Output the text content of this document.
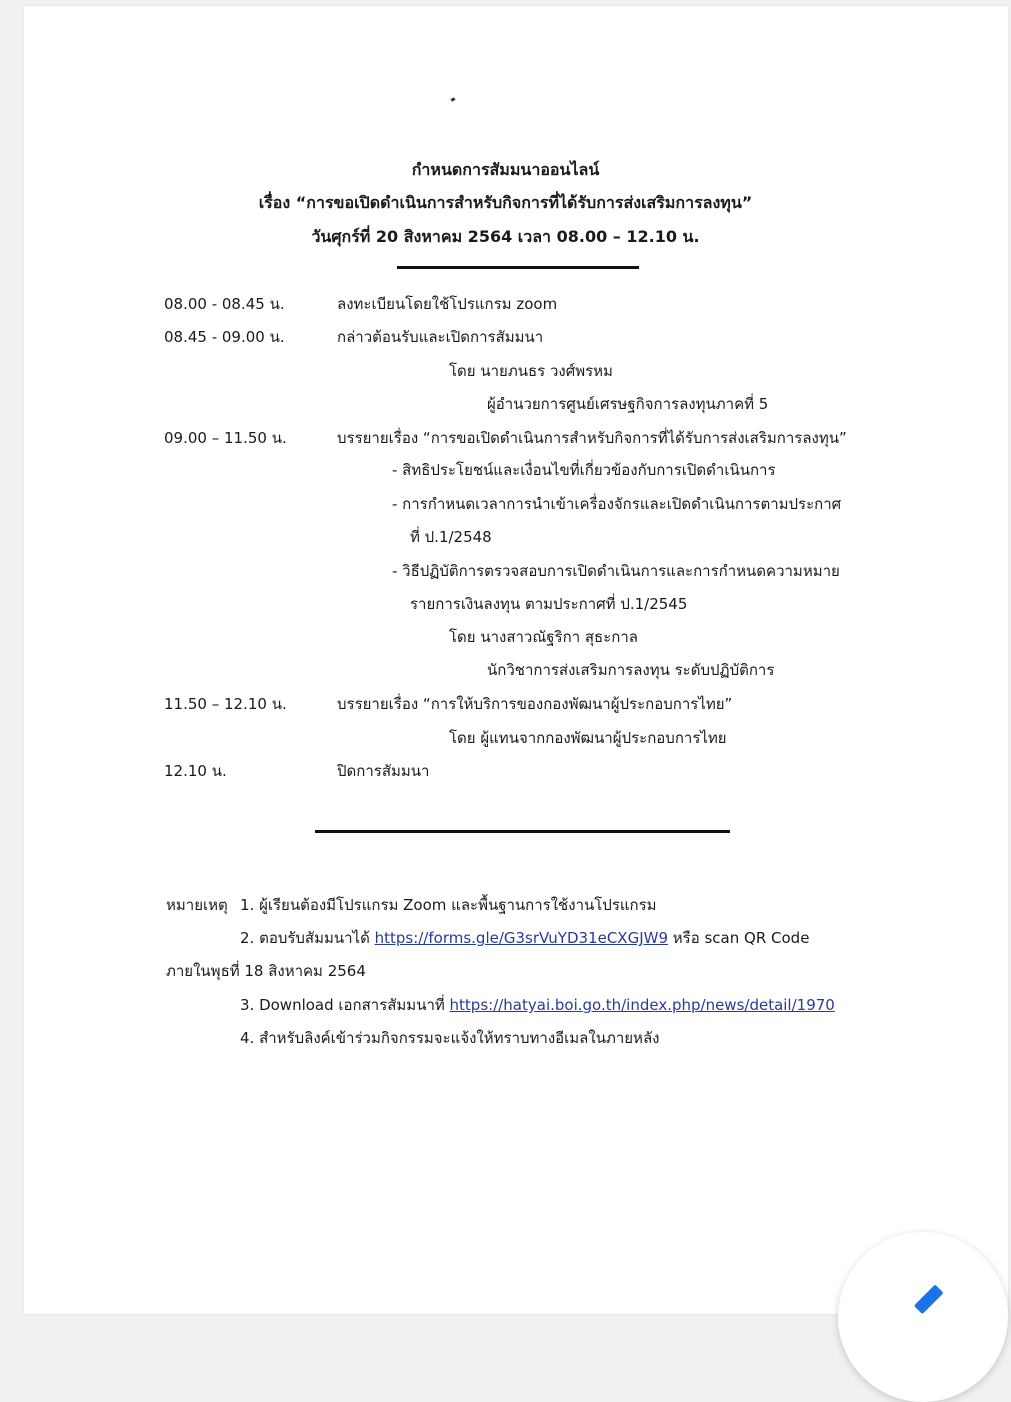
กำหนดการสัมมนาออนไลน์
เรื่อง “การขอเปิดดำเนินการสำหรับกิจการที่ได้รับการส่งเสริมการลงทุน”
วันศุกร์ที่ 20 สิงหาคม 2564 เวลา 08.00 – 12.10 น.
08.00 - 08.45 น.	ลงทะเบียนโดยใช้โปรแกรม zoom
08.45 - 09.00 น.	กล่าวต้อนรับและเปิดการสัมมนา
โดย นายภนธร วงศ์พรหม
ผู้อำนวยการศูนย์เศรษฐกิจการลงทุนภาคที่ 5
09.00 – 11.50 น.	บรรยายเรื่อง “การขอเปิดดำเนินการสำหรับกิจการที่ได้รับการส่งเสริมการลงทุน”
- สิทธิประโยชน์และเงื่อนไขที่เกี่ยวข้องกับการเปิดดำเนินการ
- การกำหนดเวลาการนำเข้าเครื่องจักรและเปิดดำเนินการตามประกาศ
ที่ ป.1/2548
- วิธีปฏิบัติการตรวจสอบการเปิดดำเนินการและการกำหนดความหมาย
รายการเงินลงทุน ตามประกาศที่ ป.1/2545
โดย นางสาวณัฐริกา สุธะกาล
นักวิชาการส่งเสริมการลงทุน ระดับปฏิบัติการ
11.50 – 12.10 น.	บรรยายเรื่อง “การให้บริการของกองพัฒนาผู้ประกอบการไทย”
โดย ผู้แทนจากกองพัฒนาผู้ประกอบการไทย
12.10 น.	ปิดการสัมมนา
หมายเหตุ 1. ผู้เรียนต้องมีโปรแกรม Zoom และพื้นฐานการใช้งานโปรแกรม
2. ตอบรับสัมมนาได้ https://forms.gle/G3srVuYD31eCXGJW9 หรือ scan QR Code
ภายในพุธที่ 18 สิงหาคม 2564
3. Download เอกสารสัมมนาที่ https://hatyai.boi.go.th/index.php/news/detail/1970
4. สำหรับลิงค์เข้าร่วมกิจกรรมจะแจ้งให้ทราบทางอีเมลในภายหลัง
